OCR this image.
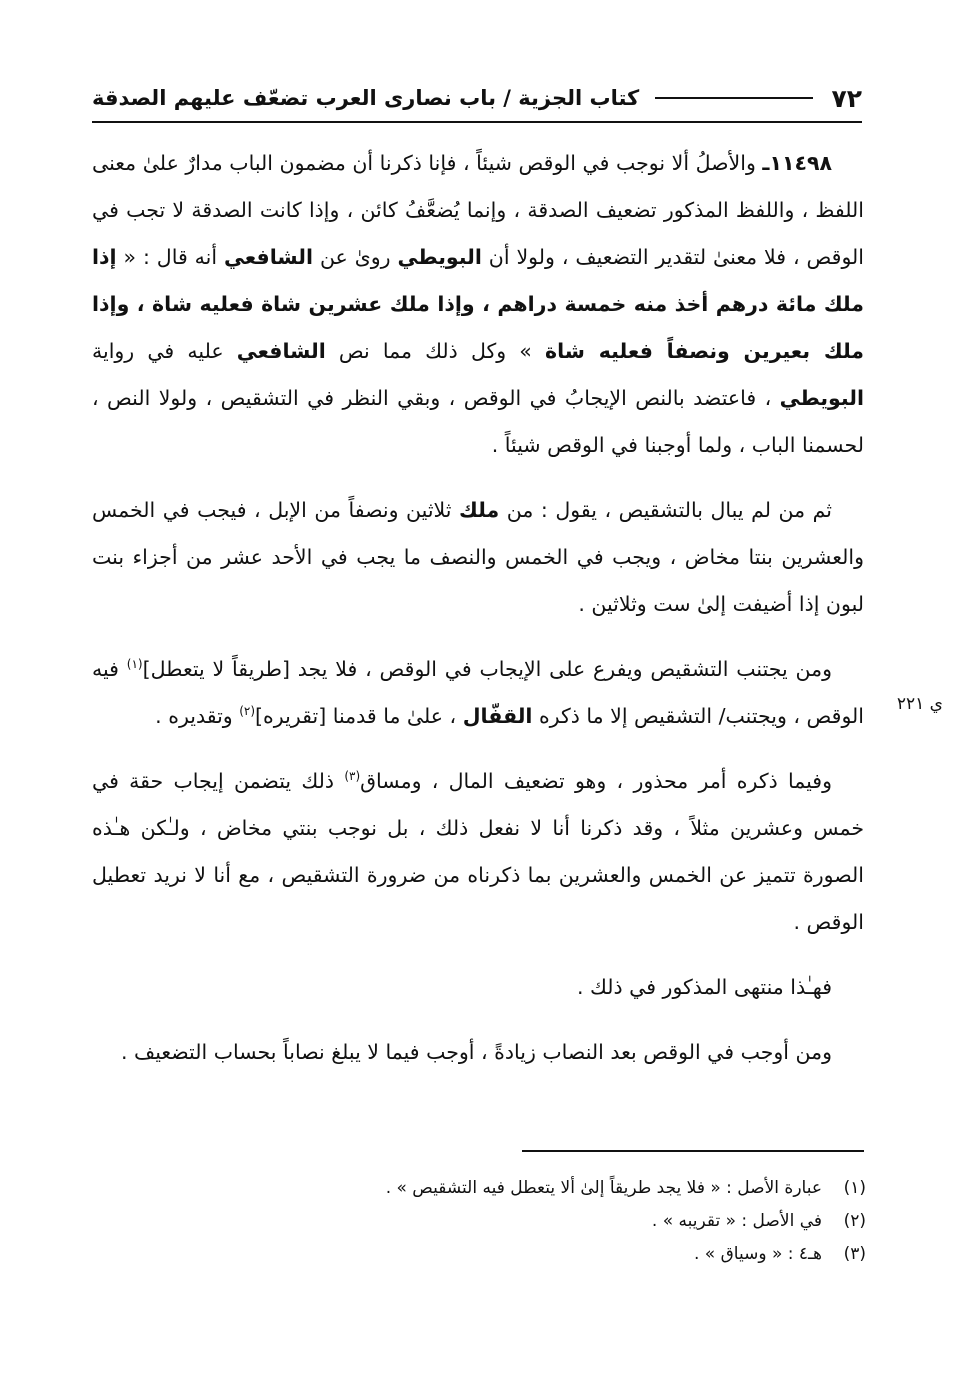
٧٢
كتاب الجزية / باب نصارى العرب تضعّف عليهم الصدقة
ي ٢٢١

١١٤٩٨ـ والأصلُ ألا نوجب في الوقص شيئاً ، فإنا ذكرنا أن مضمون الباب مدارٌ علىٰ معنى اللفظ ، واللفظ المذكور تضعيف الصدقة ، وإنما يُضعَّفُ كائن ، وإذا كانت الصدقة لا تجب في الوقص ، فلا معنىٰ لتقدير التضعيف ، ولولا أن البويطي روىٰ عن الشافعي أنه قال : « إذا ملك مائة درهم أخذ منه خمسة دراهم ، وإذا ملك عشرين شاة فعليه شاة ، وإذا ملك بعيرين ونصفاً فعليه شاة » وكل ذلك مما نص الشافعي عليه في رواية البويطي ، فاعتضد بالنص الإيجابُ في الوقص ، وبقي النظر في التشقيص ، ولولا النص ، لحسمنا الباب ، ولما أوجبنا في الوقص شيئاً .

ثم من لم يبال بالتشقيص ، يقول : من ملك ثلاثين ونصفاً من الإبل ، فيجب في الخمس والعشرين بنتا مخاض ، ويجب في الخمس والنصف ما يجب في الأحد عشر من أجزاء بنت لبون إذا أضيفت إلىٰ ست وثلاثين .

ومن يجتنب التشقيص ويفرع على الإيجاب في الوقص ، فلا يجد [طريقاً لا يتعطل]$^{(١)}$ فيه الوقص ، ويجتنب/ التشقيص إلا ما ذكره القفّال ، علىٰ ما قدمنا [تقريره]$^{(٢)}$ وتقديره .

وفيما ذكره أمر محذور ، وهو تضعيف المال ، ومساق$^{(٣)}$ ذلك يتضمن إيجاب حقة في خمس وعشرين مثلاً ، وقد ذكرنا أنا لا نفعل ذلك ، بل نوجب بنتي مخاض ، ولـٰكن هـٰذه الصورة تتميز عن الخمس والعشرين بما ذكرناه من ضرورة التشقيص ، مع أنا لا نريد تعطيل الوقص .

فهـٰذا منتهى المذكور في ذلك .

ومن أوجب في الوقص بعد النصاب زيادةً ، أوجب فيما لا يبلغ نصاباً بحساب التضعيف .

(١)
عبارة الأصل : « فلا يجد طريقاً إلىٰ ألا يتعطل فيه التشقيص » .
(٢)
في الأصل : « تقريبه » .
(٣)
هـ٤ : « وسياق » .
